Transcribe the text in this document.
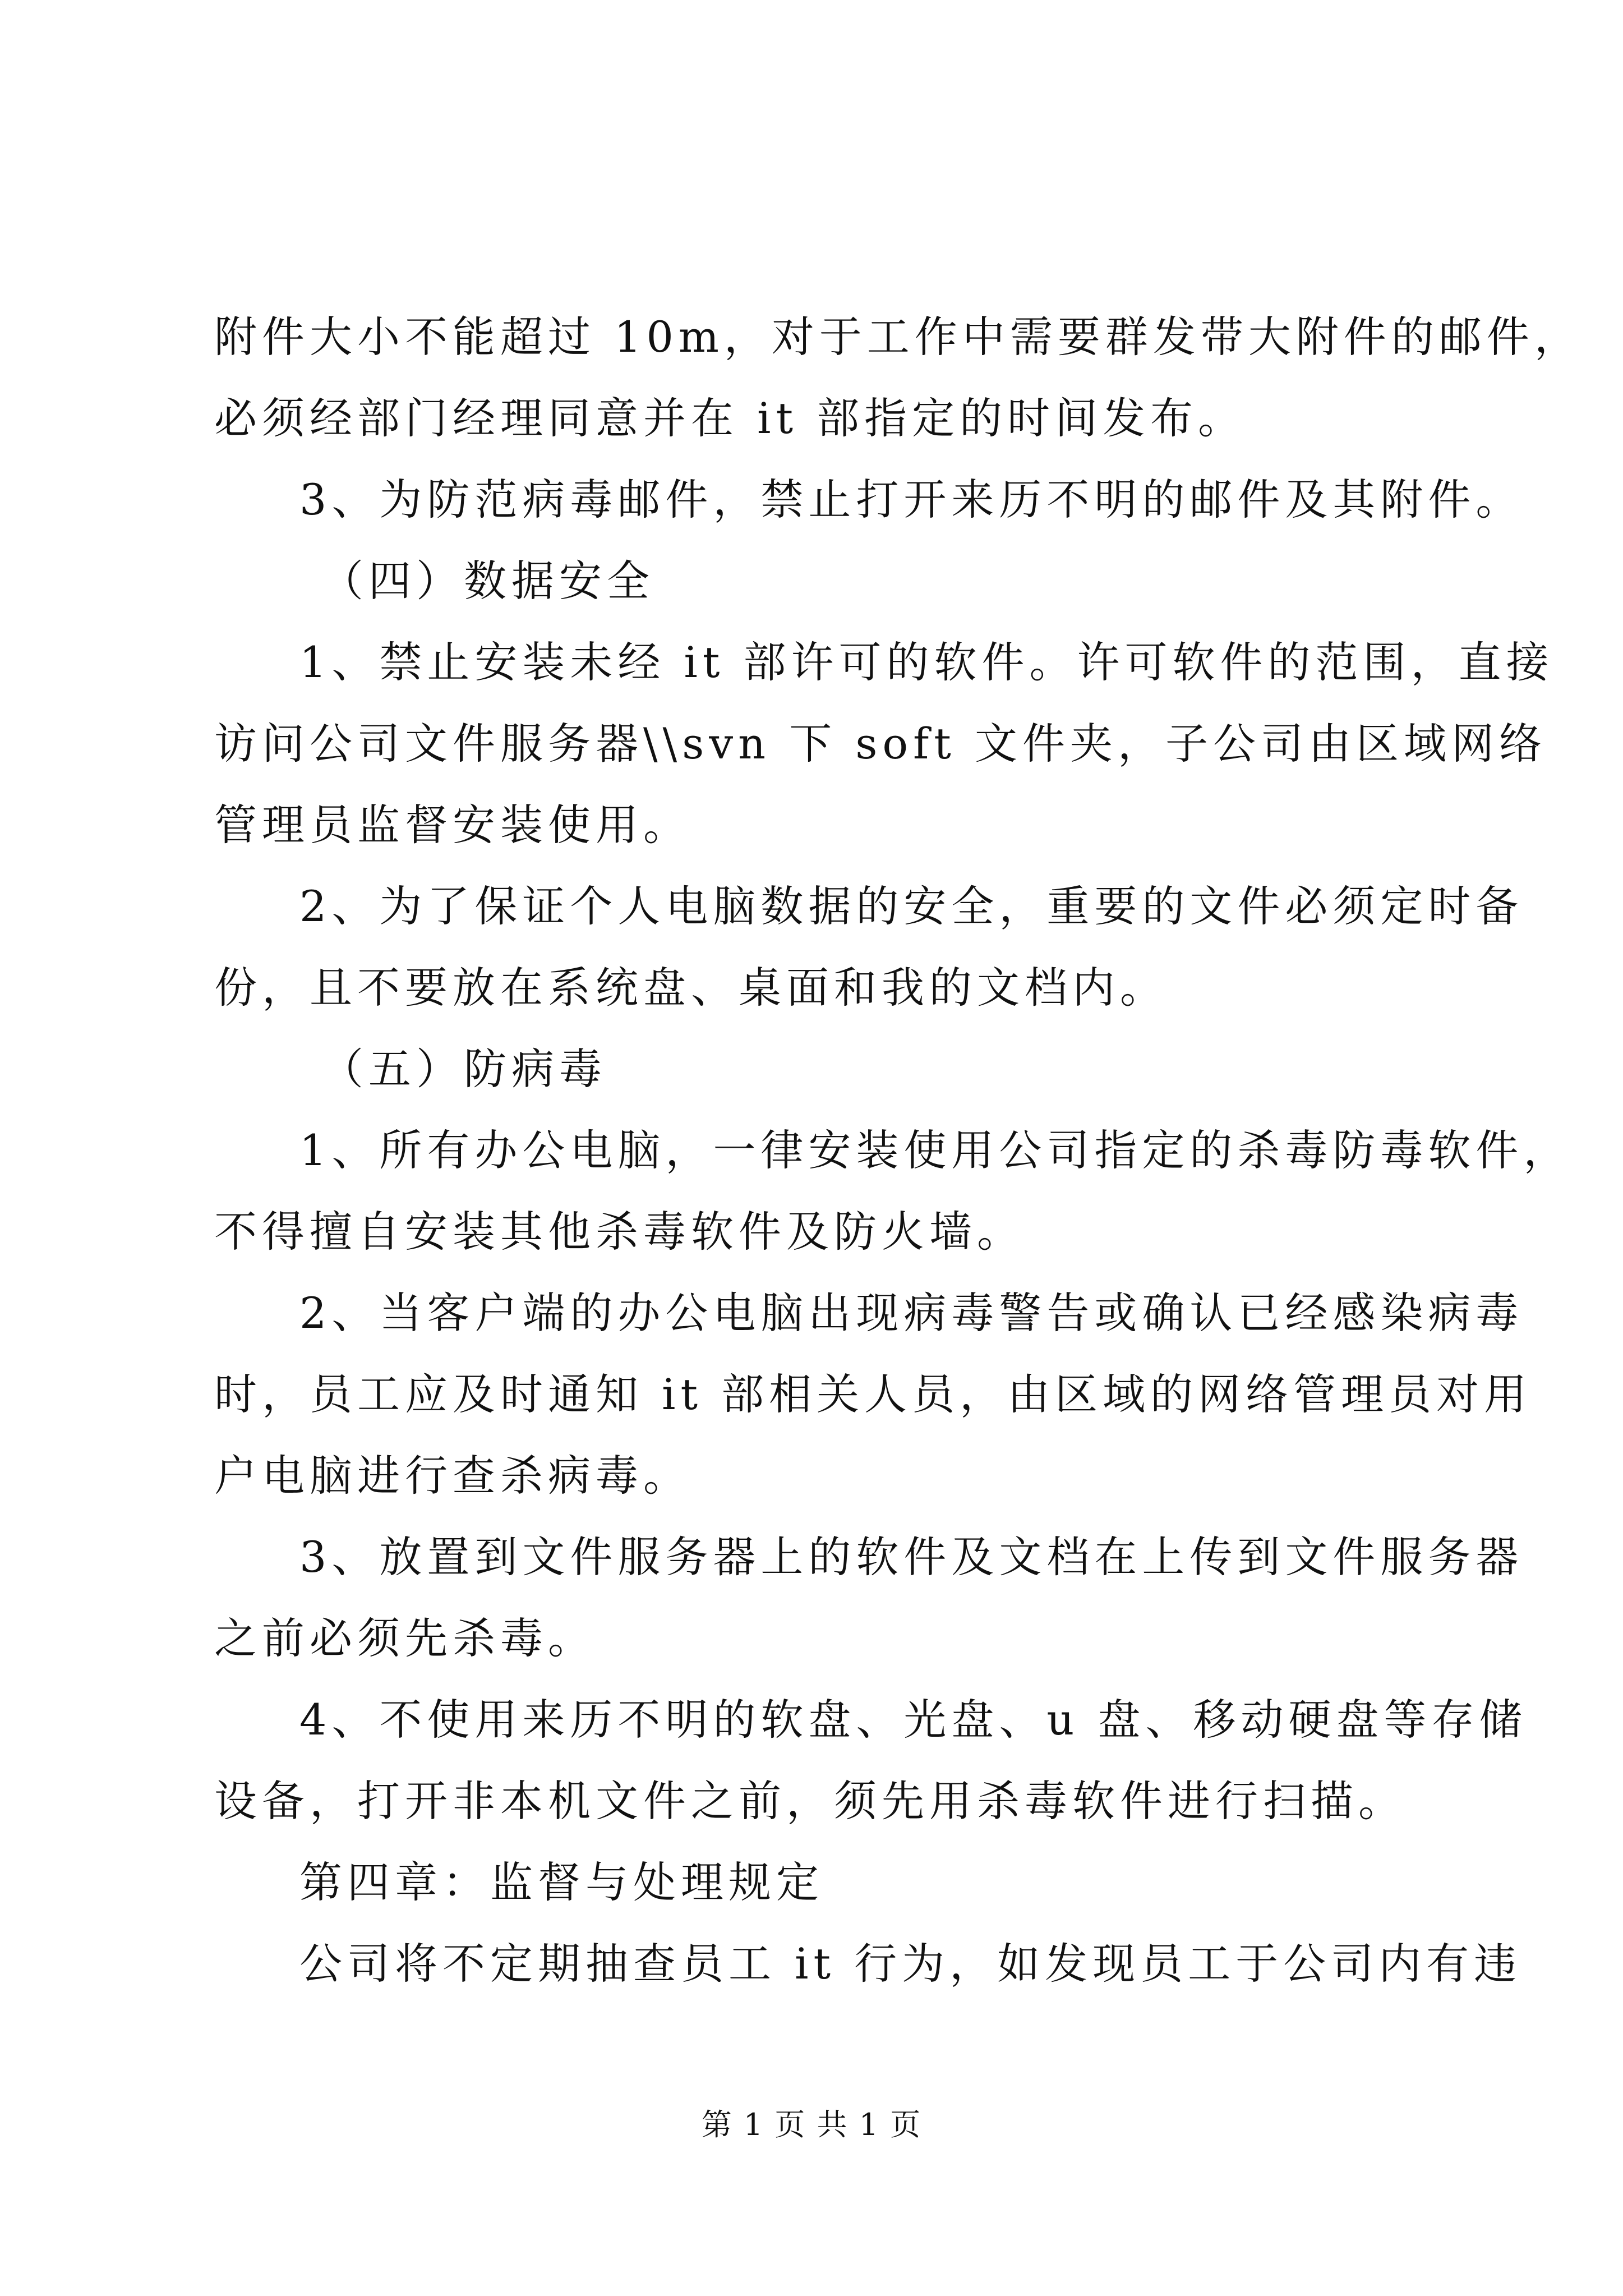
附件大小不能超过 10m，对于工作中需要群发带大附件的邮件，
必须经部门经理同意并在 it 部指定的时间发布。
3、为防范病毒邮件，禁止打开来历不明的邮件及其附件。
（四）数据安全
1、禁止安装未经 it 部许可的软件。许可软件的范围，直接
访问公司文件服务器\\svn 下 soft 文件夹，子公司由区域网络
管理员监督安装使用。
2、为了保证个人电脑数据的安全，重要的文件必须定时备
份，且不要放在系统盘、桌面和我的文档内。
（五）防病毒
1、所有办公电脑，一律安装使用公司指定的杀毒防毒软件，
不得擅自安装其他杀毒软件及防火墙。
2、当客户端的办公电脑出现病毒警告或确认已经感染病毒
时，员工应及时通知 it 部相关人员，由区域的网络管理员对用
户电脑进行查杀病毒。
3、放置到文件服务器上的软件及文档在上传到文件服务器
之前必须先杀毒。
4、不使用来历不明的软盘、光盘、u 盘、移动硬盘等存储
设备，打开非本机文件之前，须先用杀毒软件进行扫描。
第四章：监督与处理规定
公司将不定期抽查员工 it 行为，如发现员工于公司内有违
第 1 页 共 1 页
